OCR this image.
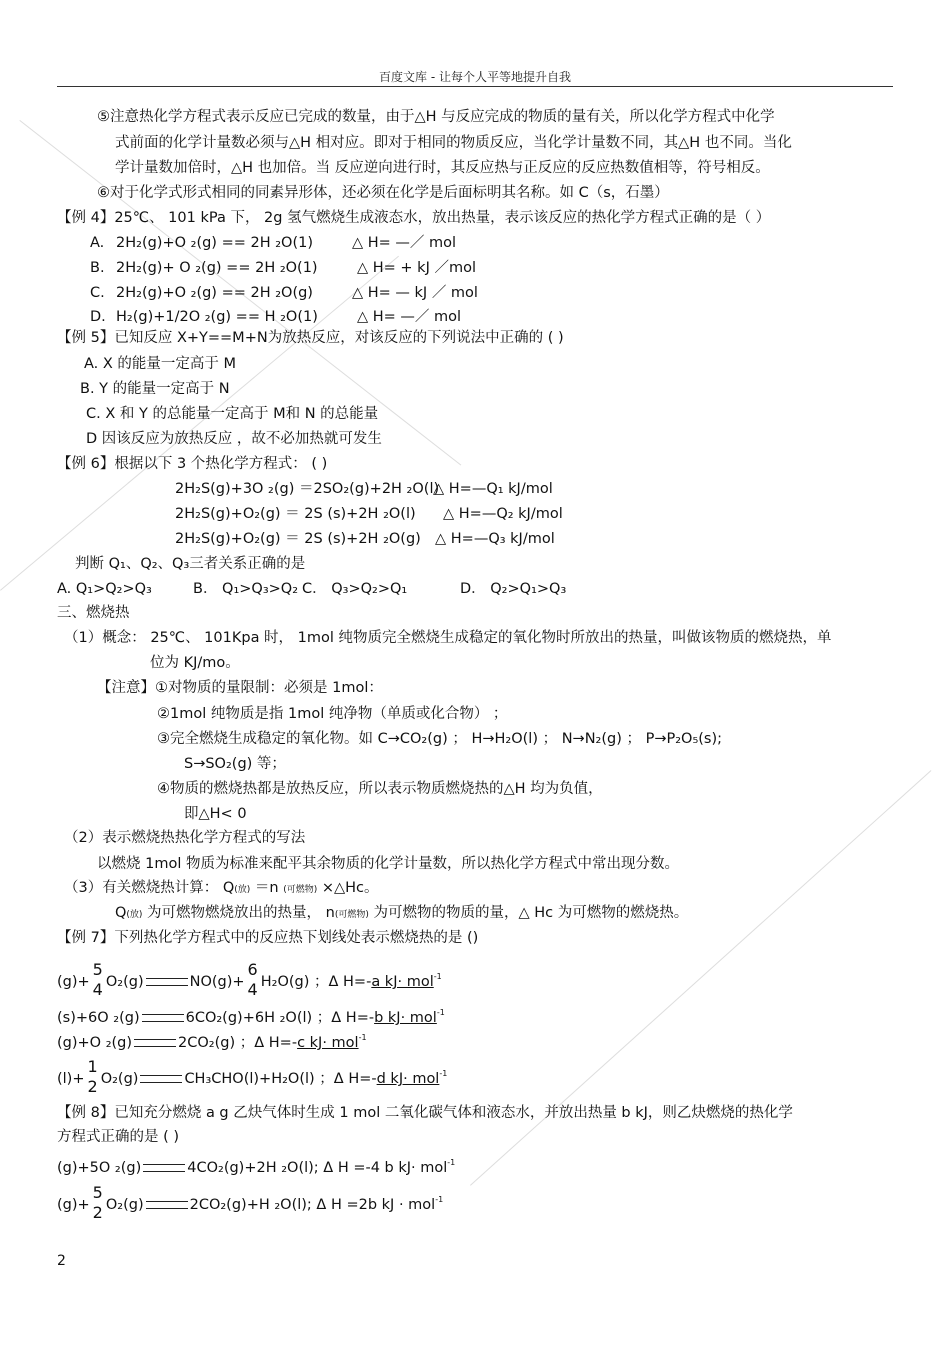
百度文库 - 让每个人平等地提升自我
⑤注意热化学方程式表示反应已完成的数量，由于△H 与反应完成的物质的量有关，所以化学方程式中化学
式前面的化学计量数必须与△H 相对应。即对于相同的物质反应，当化学计量数不同，其△H 也不同。当化
学计量数加倍时，△H 也加倍。当 反应逆向进行时，其反应热与正反应的反应热数值相等，符号相反。
⑥对于化学式形式相同的同素异形体，还必须在化学是后面标明其名称。如 C（s，石墨）
【例 4】25℃、 101 kPa 下， 2g 氢气燃烧生成液态水，放出热量，表示该反应的热化学方程式正确的是（ ）
A. 2H₂(g)+O ₂(g) == 2H ₂O(1)	△ H= —／ mol
B. 2H₂(g)+ O ₂(g) == 2H ₂O(1)	△ H= + kJ ／mol
C. 2H₂(g)+O ₂(g) == 2H ₂O(g)	△ H= — kJ ／ mol
D. H₂(g)+1/2O ₂(g) == H ₂O(1)	△ H= —／ mol
【例 5】已知反应 X+Y==M+N为放热反应，对该反应的下列说法中正确的 ( )
A. X 的能量一定高于 M
B. Y 的能量一定高于 N
C. X 和 Y 的总能量一定高于 M和 N 的总能量
D 因该反应为放热反应 ，故不必加热就可发生
【例 6】根据以下 3 个热化学方程式： ( )
2H₂S(g)+3O ₂(g) ＝2SO₂(g)+2H ₂O(l)
△ H=—Q₁ kJ/mol
2H₂S(g)+O₂(g) ＝ 2S (s)+2H ₂O(l) △ H=—Q₂ kJ/mol
2H₂S(g)+O₂(g) ＝ 2S (s)+2H ₂O(g) △ H=—Q₃ kJ/mol
判断 Q₁、Q₂、Q₃三者关系正确的是
A. Q₁>Q₂>Q₃	B． Q₁>Q₃>Q₂ C． Q₃>Q₂>Q₁	D． Q₂>Q₁>Q₃
三、燃烧热
（1）概念： 25℃、 101Kpa 时， 1mol 纯物质完全燃烧生成稳定的氧化物时所放出的热量，叫做该物质的燃烧热，单
位为 KJ/mo。
【注意】①对物质的量限制：必须是 1mol：
②1mol 纯物质是指 1mol 纯净物（单质或化合物） ；
③完全燃烧生成稳定的氧化物。如 C→CO₂(g) ； H→H₂O(l) ； N→N₂(g) ； P→P₂O₅(s);
S→SO₂(g) 等；
④物质的燃烧热都是放热反应，所以表示物质燃烧热的△H 均为负值，
即△H< 0
（2）表示燃烧热热化学方程式的写法
以燃烧 1mol 物质为标准来配平其余物质的化学计量数，所以热化学方程式中常出现分数。
（3）有关燃烧热计算： Q(放) ＝n (可燃物) ×△Hc。
Q(放) 为可燃物燃烧放出的热量， n(可燃物) 为可燃物的物质的量，△ Hc 为可燃物的燃烧热。
【例 7】下列热化学方程式中的反应热下划线处表示燃烧热的是 ()
(g)+
5
4 O₂(g)	NO(g)+
6
4 H₂O(g) ；Δ H=-a kJ· mol$^{-1}$
(s)+6O ₂(g)	6CO₂(g)+6H ₂O(l) ；Δ H=-b kJ· mol$^{-1}$
(g)+O ₂(g)	2CO₂(g) ；Δ H=-c kJ· mol$^{-1}$
(l)+
1
2 O₂(g)	CH₃CHO(l)+H₂O(l) ；Δ H=-d kJ· mol$^{-1}$
【例 8】已知充分燃烧 a g 乙炔气体时生成 1 mol 二氧化碳气体和液态水，并放出热量 b kJ，则乙炔燃烧的热化学
方程式正确的是 ( )
(g)+5O ₂(g)	4CO₂(g)+2H ₂O(l); Δ H =-4 b kJ· mol$^{-1}$
(g)+
5
2 O₂(g)	2CO₂(g)+H ₂O(l); Δ H =2b kJ · mol$^{-1}$
2
